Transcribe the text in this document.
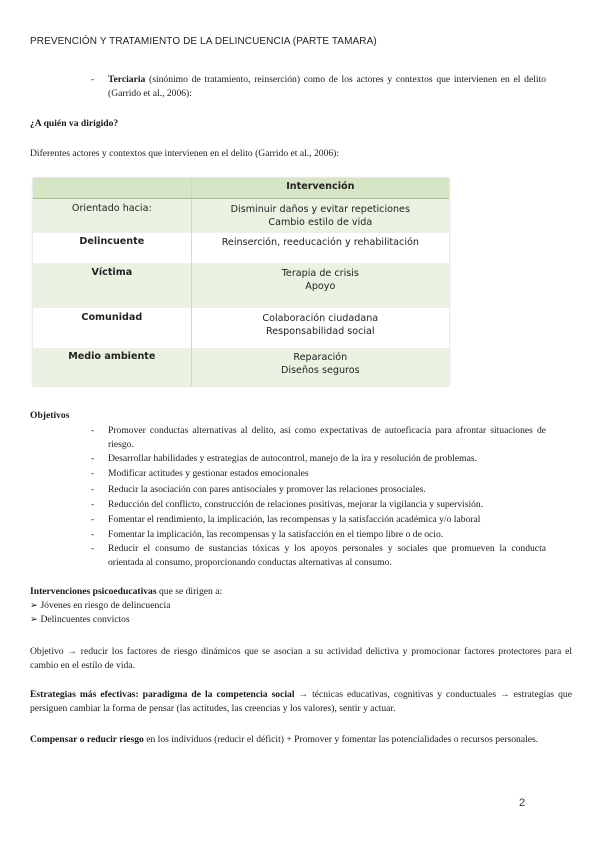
PREVENCIÓN Y TRATAMIENTO DE LA DELINCUENCIA (PARTE TAMARA)
- Terciaria (sinónimo de tratamiento, reinserción) como de los actores y contextos que intervienen en el delito (Garrido et al., 2006):
¿A quién va dirigido?
Diferentes actores y contextos que intervienen en el delito (Garrido et al., 2006):
Intervención
Orientado hacia:	Disminuir daños y evitar repeticiones
Cambio estilo de vida
Delincuente	Reinserción, reeducación y rehabilitación
Víctima	Terapia de crisis
Apoyo
Comunidad	Colaboración ciudadana
Responsabilidad social
Medio ambiente	Reparación
Diseños seguros
Objetivos
- Promover conductas alternativas al delito, así como expectativas de autoeficacia para afrontar situaciones de riesgo.
- Desarrollar habilidades y estrategias de autocontrol, manejo de la ira y resolución de problemas.
- Modificar actitudes y gestionar estados emocionales
- Reducir la asociación con pares antisociales y promover las relaciones prosociales.
- Reducción del conflicto, construcción de relaciones positivas, mejorar la vigilancia y supervisión.
- Fomentar el rendimiento, la implicación, las recompensas y la satisfacción académica y/o laboral
- Fomentar la implicación, las recompensas y la satisfacción en el tiempo libre o de ocio.
- Reducir el consumo de sustancias tóxicas y los apoyos personales y sociales que promueven la conducta orientada al consumo, proporcionando conductas alternativas al consumo.
Intervenciones psicoeducativas que se dirigen a:
➢ Jóvenes en riesgo de delincuencia
➢ Delincuentes convictos
Objetivo → reducir los factores de riesgo dinámicos que se asocian a su actividad delictiva y promocionar factores protectores para el cambio en el estilo de vida.
Estrategias más efectivas: paradigma de la competencia social → técnicas educativas, cognitivas y conductuales → estrategias que persiguen cambiar la forma de pensar (las actitudes, las creencias y los valores), sentir y actuar.
Compensar o reducir riesgo en los individuos (reducir el déficit) + Promover y fomentar las potencialidades o recursos personales.
2
